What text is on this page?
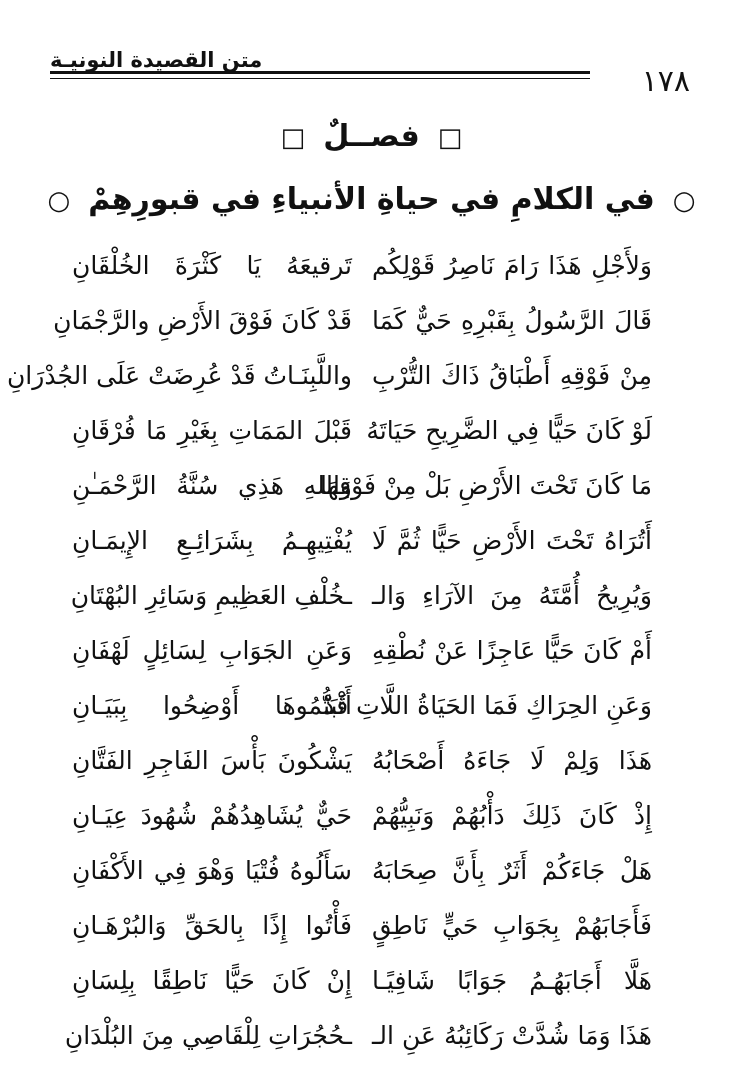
متن القصيدة النونيـة
١٧٨
□فصــلٌ□
○في الكلامِ في حياةِ الأنبياءِ في قبورِهِمْ○
وَلأَجْلِ هَذَا رَامَ نَاصِرُ قَوْلِكُم
تَرقيعَهُ يَا كَثْرَةَ الخُلْقَانِ
قَالَ الرَّسُولُ بِقَبْرِهِ حَيٌّ كَمَا
قَدْ كَانَ فَوْقَ الأَرْضِ والرَّجْمَانِ
مِنْ فَوْقِهِ أَطْبَاقُ ذَاكَ التُّرْبِ
واللَّبِنَـاتُ قَدْ عُرِضَتْ عَلَى الجُدْرَانِ
لَوْ كَانَ حَيًّا فِي الضَّرِيحِ حَيَاتَهُ
قَبْلَ المَمَاتِ بِغَيْرِ مَا فُرْقَانِ
مَا كَانَ تَحْتَ الأَرْضِ بَلْ مِنْ فَوْقِهَا
وَاللهِ هَذِي سُنَّةُ الرَّحْمَـٰنِ
أَتُرَاهُ تَحْتَ الأَرْضِ حَيًّا ثُمَّ لَا
يُفْتِيهِـمُ بِشَرَائِـعِ الإِيمَـانِ
وَيُرِيحُ أُمَّتَهُ مِنَ الآرَاءِ وَالـ
ـخُلْفِ العَظِيمِ وَسَائِرِ البُهْتَانِ
أَمْ كَانَ حَيًّا عَاجِزًا عَنْ نُطْقِهِ
وَعَنِ الجَوَابِ لِسَائِلٍ لَهْفَانِ
وَعَنِ الحِرَاكِ فَمَا الحَيَاةُ اللَّاتِ قَدْ
أَثْبَتُّمُوهَا أَوْضِحُوا بِبَيَـانِ
هَذَا وَلِمْ لَا جَاءَهُ أَصْحَابُهُ
يَشْكُونَ بَأْسَ الفَاجِرِ الفَتَّانِ
إِذْ كَانَ ذَلِكَ دَأْبُهُمْ وَنَبِيُّهُمْ
حَيٌّ يُشَاهِدُهُمْ شُهُودَ عِيَـانِ
هَلْ جَاءَكُمْ أَثَرٌ بِأَنَّ صِحَابَهُ
سَأَلُوهُ فُتْيَا وَهْوَ فِي الأَكْفَانِ
فَأَجَابَهُمْ بِجَوَابِ حَيٍّ نَاطِقٍ
فَأْتُوا إِذًا بِالحَقِّ وَالبُرْهَـانِ
هَلَّا أَجَابَهُـمُ جَوَابًا شَافِيًـا
إِنْ كَانَ حَيًّا نَاطِقًا بِلِسَانِ
هَذَا وَمَا شُدَّتْ رَكَائِبُهُ عَنِ الـ
ـحُجُرَاتِ لِلْقَاصِي مِنَ البُلْدَانِ
